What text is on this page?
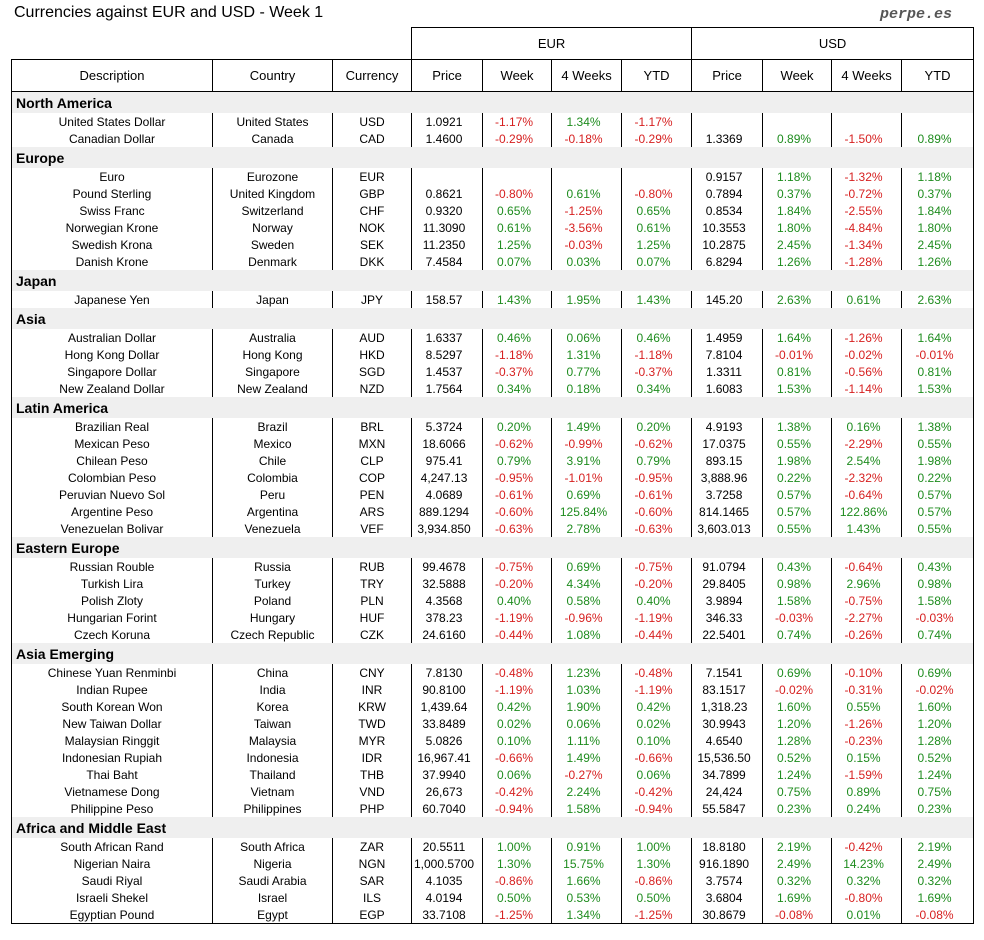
Currencies against EUR and USD - Week 1	perpe.es
			EUR				USD			
Description	Country	Currency	Price	Week	4 Weeks	YTD	Price	Week	4 Weeks	YTD
North America										
United States Dollar	United States	USD	1.0921	-1.17%	1.34%	-1.17%				
Canadian Dollar	Canada	CAD	1.4600	-0.29%	-0.18%	-0.29%	1.3369	0.89%	-1.50%	0.89%
Europe										
Euro	Eurozone	EUR					0.9157	1.18%	-1.32%	1.18%
Pound Sterling	United Kingdom	GBP	0.8621	-0.80%	0.61%	-0.80%	0.7894	0.37%	-0.72%	0.37%
Swiss Franc	Switzerland	CHF	0.9320	0.65%	-1.25%	0.65%	0.8534	1.84%	-2.55%	1.84%
Norwegian Krone	Norway	NOK	11.3090	0.61%	-3.56%	0.61%	10.3553	1.80%	-4.84%	1.80%
Swedish Krona	Sweden	SEK	11.2350	1.25%	-0.03%	1.25%	10.2875	2.45%	-1.34%	2.45%
Danish Krone	Denmark	DKK	7.4584	0.07%	0.03%	0.07%	6.8294	1.26%	-1.28%	1.26%
Japan										
Japanese Yen	Japan	JPY	158.57	1.43%	1.95%	1.43%	145.20	2.63%	0.61%	2.63%
Asia										
Australian Dollar	Australia	AUD	1.6337	0.46%	0.06%	0.46%	1.4959	1.64%	-1.26%	1.64%
Hong Kong Dollar	Hong Kong	HKD	8.5297	-1.18%	1.31%	-1.18%	7.8104	-0.01%	-0.02%	-0.01%
Singapore Dollar	Singapore	SGD	1.4537	-0.37%	0.77%	-0.37%	1.3311	0.81%	-0.56%	0.81%
New Zealand Dollar	New Zealand	NZD	1.7564	0.34%	0.18%	0.34%	1.6083	1.53%	-1.14%	1.53%
Latin America										
Brazilian Real	Brazil	BRL	5.3724	0.20%	1.49%	0.20%	4.9193	1.38%	0.16%	1.38%
Mexican Peso	Mexico	MXN	18.6066	-0.62%	-0.99%	-0.62%	17.0375	0.55%	-2.29%	0.55%
Chilean Peso	Chile	CLP	975.41	0.79%	3.91%	0.79%	893.15	1.98%	2.54%	1.98%
Colombian Peso	Colombia	COP	4,247.13	-0.95%	-1.01%	-0.95%	3,888.96	0.22%	-2.32%	0.22%
Peruvian Nuevo Sol	Peru	PEN	4.0689	-0.61%	0.69%	-0.61%	3.7258	0.57%	-0.64%	0.57%
Argentine Peso	Argentina	ARS	889.1294	-0.60%	125.84%	-0.60%	814.1465	0.57%	122.86%	0.57%
Venezuelan Bolivar	Venezuela	VEF	3,934.850	-0.63%	2.78%	-0.63%	3,603.013	0.55%	1.43%	0.55%
Eastern Europe										
Russian Rouble	Russia	RUB	99.4678	-0.75%	0.69%	-0.75%	91.0794	0.43%	-0.64%	0.43%
Turkish Lira	Turkey	TRY	32.5888	-0.20%	4.34%	-0.20%	29.8405	0.98%	2.96%	0.98%
Polish Zloty	Poland	PLN	4.3568	0.40%	0.58%	0.40%	3.9894	1.58%	-0.75%	1.58%
Hungarian Forint	Hungary	HUF	378.23	-1.19%	-0.96%	-1.19%	346.33	-0.03%	-2.27%	-0.03%
Czech Koruna	Czech Republic	CZK	24.6160	-0.44%	1.08%	-0.44%	22.5401	0.74%	-0.26%	0.74%
Asia Emerging										
Chinese Yuan Renminbi	China	CNY	7.8130	-0.48%	1.23%	-0.48%	7.1541	0.69%	-0.10%	0.69%
Indian Rupee	India	INR	90.8100	-1.19%	1.03%	-1.19%	83.1517	-0.02%	-0.31%	-0.02%
South Korean Won	Korea	KRW	1,439.64	0.42%	1.90%	0.42%	1,318.23	1.60%	0.55%	1.60%
New Taiwan Dollar	Taiwan	TWD	33.8489	0.02%	0.06%	0.02%	30.9943	1.20%	-1.26%	1.20%
Malaysian Ringgit	Malaysia	MYR	5.0826	0.10%	1.11%	0.10%	4.6540	1.28%	-0.23%	1.28%
Indonesian Rupiah	Indonesia	IDR	16,967.41	-0.66%	1.49%	-0.66%	15,536.50	0.52%	0.15%	0.52%
Thai Baht	Thailand	THB	37.9940	0.06%	-0.27%	0.06%	34.7899	1.24%	-1.59%	1.24%
Vietnamese Dong	Vietnam	VND	26,673	-0.42%	2.24%	-0.42%	24,424	0.75%	0.89%	0.75%
Philippine Peso	Philippines	PHP	60.7040	-0.94%	1.58%	-0.94%	55.5847	0.23%	0.24%	0.23%
Africa and Middle East										
South African Rand	South Africa	ZAR	20.5511	1.00%	0.91%	1.00%	18.8180	2.19%	-0.42%	2.19%
Nigerian Naira	Nigeria	NGN	1,000.5700	1.30%	15.75%	1.30%	916.1890	2.49%	14.23%	2.49%
Saudi Riyal	Saudi Arabia	SAR	4.1035	-0.86%	1.66%	-0.86%	3.7574	0.32%	0.32%	0.32%
Israeli Shekel	Israel	ILS	4.0194	0.50%	0.53%	0.50%	3.6804	1.69%	-0.80%	1.69%
Egyptian Pound	Egypt	EGP	33.7108	-1.25%	1.34%	-1.25%	30.8679	-0.08%	0.01%	-0.08%
